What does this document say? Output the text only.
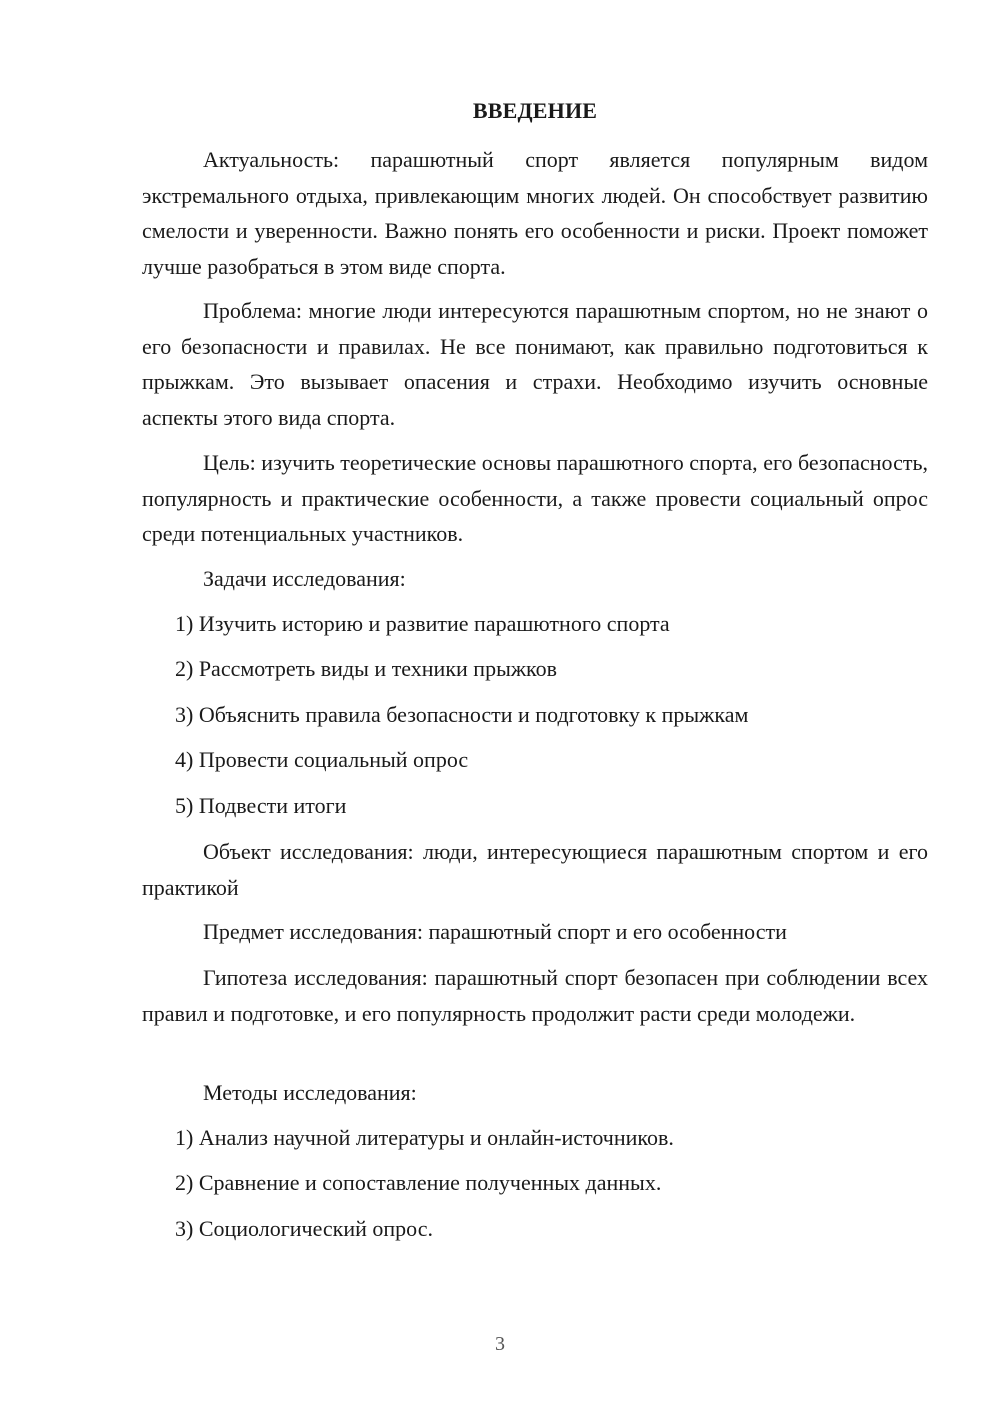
ВВЕДЕНИЕ
Актуальность: парашютный спорт является популярным видом экстремального отдыха, привлекающим многих людей. Он способствует развитию смелости и уверенности. Важно понять его особенности и риски. Проект поможет лучше разобраться в этом виде спорта.
Проблема: многие люди интересуются парашютным спортом, но не знают о его безопасности и правилах. Не все понимают, как правильно подготовиться к прыжкам. Это вызывает опасения и страхи. Необходимо изучить основные аспекты этого вида спорта.
Цель: изучить теоретические основы парашютного спорта, его безопасность, популярность и практические особенности, а также провести социальный опрос среди потенциальных участников.
Задачи исследования:
1) Изучить историю и развитие парашютного спорта
2) Рассмотреть виды и техники прыжков
3) Объяснить правила безопасности и подготовку к прыжкам
4) Провести социальный опрос
5) Подвести итоги
Объект исследования: люди, интересующиеся парашютным спортом и его практикой
Предмет исследования: парашютный спорт и его особенности
Гипотеза исследования: парашютный спорт безопасен при соблюдении всех правил и подготовке, и его популярность продолжит расти среди молодежи.
Методы исследования:
1) Анализ научной литературы и онлайн-источников.
2) Сравнение и сопоставление полученных данных.
3) Социологический опрос.
3
